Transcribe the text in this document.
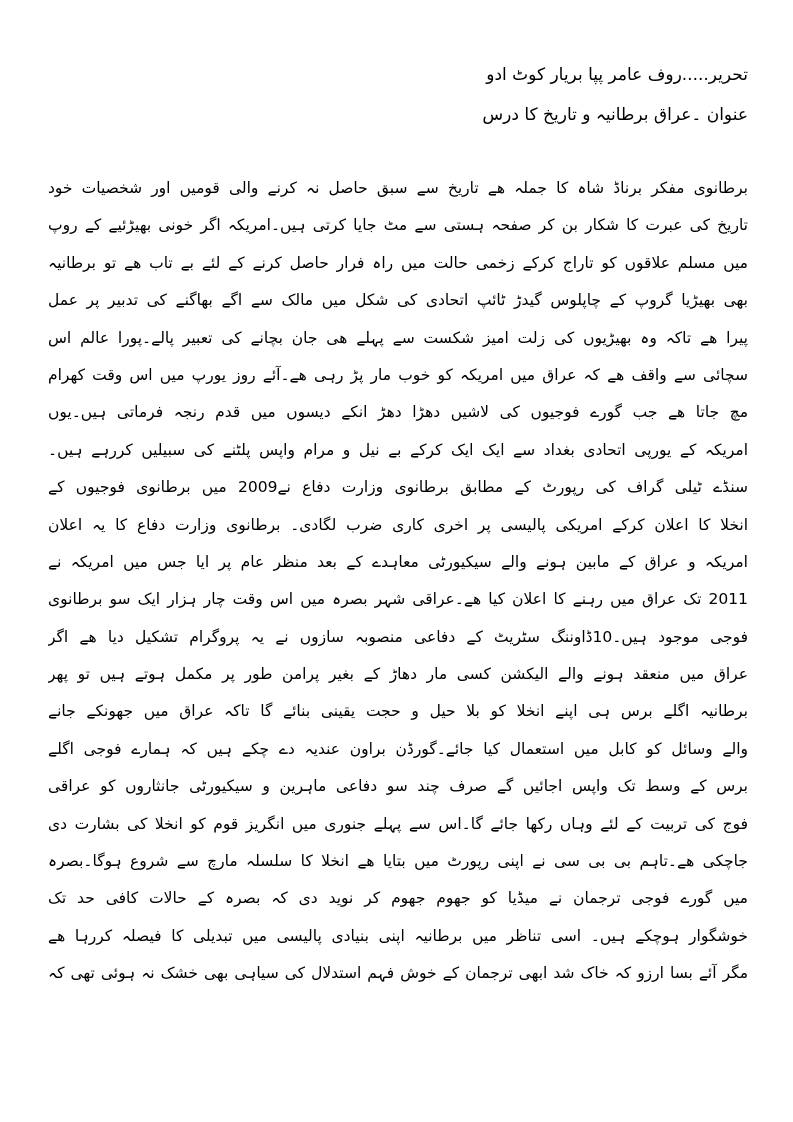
تحریر.....روف عامر پپا بریار کوٹ ادو
عنوان ۔عراق برطانیہ و تاریخ کا درس
برطانوی مفکر برناڈ شاہ کا جملہ ھے تاریخ سے سبق حاصل نہ کرنے والی قومیں اور شخصیات خود
تاریخ کی عبرت کا شکار بن کر صفحہ ہستی سے مٹ جایا کرتی ہیں۔امریکہ اگر خونی بھیڑئیے کے روپ
میں مسلم علاقوں کو تاراج کرکے زخمی حالت میں راہ فرار حاصل کرنے کے لئے بے تاب ھے تو برطانیہ
بھی بھیڑیا گروپ کے چاپلوس گیدڑ ٹائپ اتحادی کی شکل میں مالک سے اگے بھاگنے کی تدبیر پر عمل
پیرا ھے تاکہ وہ بھیڑیوں کی زلت امیز شکست سے پہلے ھی جان بچانے کی تعبیر پالے۔پورا عالم اس
سچائی سے واقف ھے کہ عراق میں امریکہ کو خوب مار پڑ رہی ھے۔آئے روز یورپ میں اس وقت کھرام
مچ جاتا ھے جب گورے فوجیوں کی لاشیں دھڑا دھڑ انکے دیسوں میں قدم رنجہ فرماتی ہیں۔یوں
امریکہ کے یورپی اتحادی بغداد سے ایک ایک کرکے بے نیل و مرام واپس پلٹنے کی سبیلیں کررہے ہیں۔
سنڈے ٹیلی گراف کی رپورٹ کے مطابق برطانوی وزارت دفاع نے2009 میں برطانوی فوجیوں کے
انخلا کا اعلان کرکے امریکی پالیسی پر اخری کاری ضرب لگادی۔ برطانوی وزارت دفاع کا یہ اعلان
امریکہ و عراق کے مابین ہونے والے سیکیورٹی معاہدے کے بعد منظر عام پر ایا جس میں امریکہ نے
2011 تک عراق میں رہنے کا اعلان کیا ھے۔عراقی شہر بصرہ میں اس وقت چار ہزار ایک سو برطانوی
فوجی موجود ہیں۔10ڈاوننگ سٹریٹ کے دفاعی منصوبہ سازوں نے یہ پروگرام تشکیل دیا ھے اگر
عراق میں منعقد ہونے والے الیکشن کسی مار دھاڑ کے بغیر پرامن طور پر مکمل ہوتے ہیں تو پھر
برطانیہ اگلے برس ہی اپنے انخلا کو بلا حیل و حجت یقینی بنائے گا تاکہ عراق میں جھونکے جانے
والے وسائل کو کابل میں استعمال کیا جائے۔گورڈن براون عندیہ دے چکے ہیں کہ ہمارے فوجی اگلے
برس کے وسط تک واپس اجائیں گے صرف چند سو دفاعی ماہرین و سیکیورٹی جانثاروں کو عراقی
فوج کی تربیت کے لئے وہاں رکھا جائے گا۔اس سے پہلے جنوری میں انگریز قوم کو انخلا کی بشارت دی
جاچکی ھے۔تاہم بی بی سی نے اپنی رپورٹ میں بتایا ھے انخلا کا سلسلہ مارچ سے شروع ہوگا۔بصرہ
میں گورے فوجی ترجمان نے میڈیا کو جھوم جھوم کر نوید دی کہ بصرہ کے حالات کافی حد تک
خوشگوار ہوچکے ہیں۔ اسی تناظر میں برطانیہ اپنی بنیادی پالیسی میں تبدیلی کا فیصلہ کررہا ھے
مگر آئے بسا ارزو کہ خاک شد ابھی ترجمان کے خوش فہم استدلال کی سیاہی بھی خشک نہ ہوئی تھی کہ
